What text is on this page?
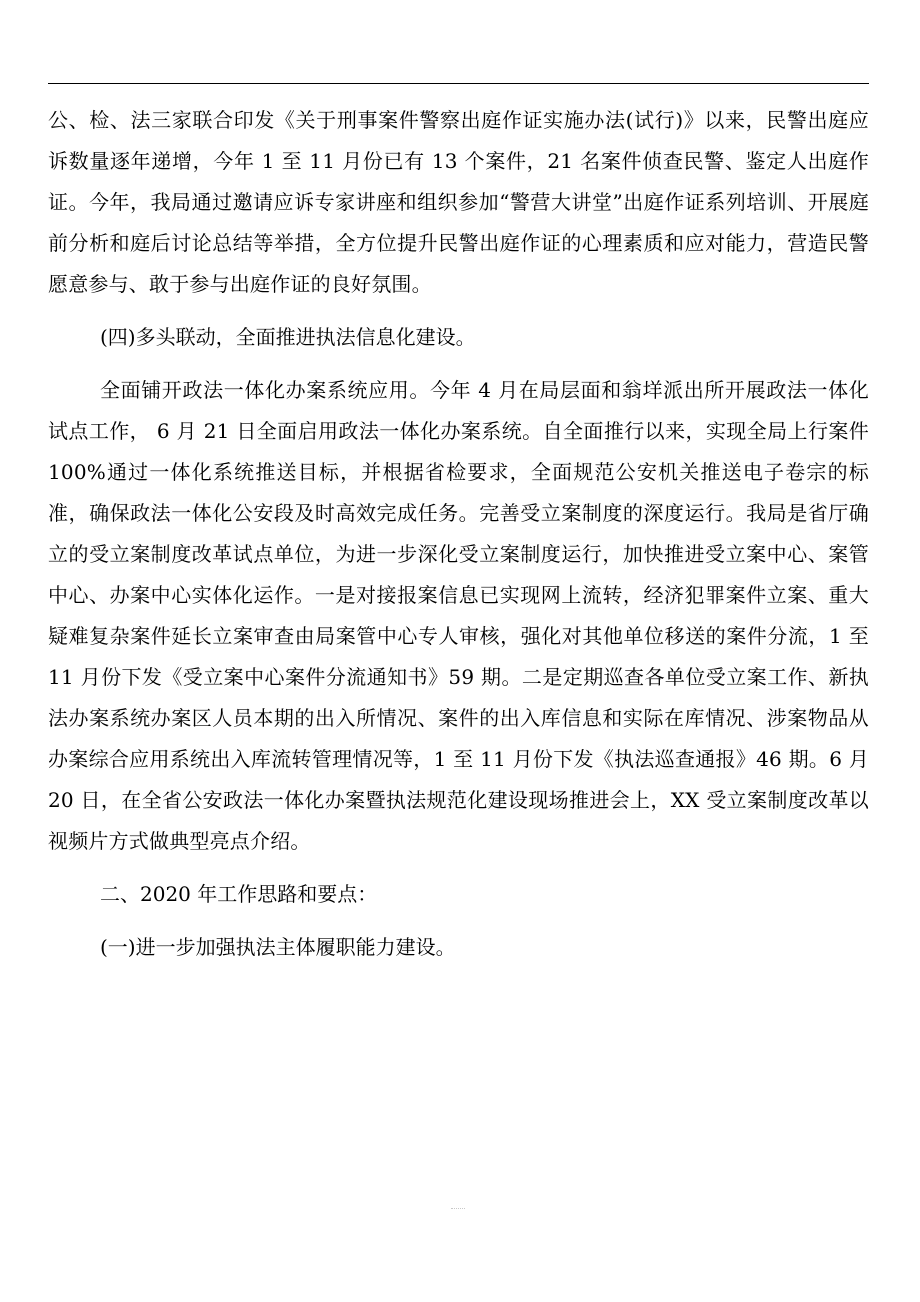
公、检、法三家联合印发《关于刑事案件警察出庭作证实施办法(试行)》以来，民警出庭应诉数量逐年递增，今年 1 至 11 月份已有 13 个案件，21 名案件侦查民警、鉴定人出庭作证。今年，我局通过邀请应诉专家讲座和组织参加“警营大讲堂”出庭作证系列培训、开展庭前分析和庭后讨论总结等举措，全方位提升民警出庭作证的心理素质和应对能力，营造民警愿意参与、敢于参与出庭作证的良好氛围。

(四)多头联动，全面推进执法信息化建设。

全面铺开政法一体化办案系统应用。今年 4 月在局层面和翁垟派出所开展政法一体化试点工作， 6 月 21 日全面启用政法一体化办案系统。自全面推行以来，实现全局上行案件 100%通过一体化系统推送目标，并根据省检要求，全面规范公安机关推送电子卷宗的标准，确保政法一体化公安段及时高效完成任务。完善受立案制度的深度运行。我局是省厅确立的受立案制度改革试点单位，为进一步深化受立案制度运行，加快推进受立案中心、案管中心、办案中心实体化运作。一是对接报案信息已实现网上流转，经济犯罪案件立案、重大疑难复杂案件延长立案审查由局案管中心专人审核，强化对其他单位移送的案件分流，1 至 11 月份下发《受立案中心案件分流通知书》59 期。二是定期巡查各单位受立案工作、新执法办案系统办案区人员本期的出入所情况、案件的出入库信息和实际在库情况、涉案物品从办案综合应用系统出入库流转管理情况等，1 至 11 月份下发《执法巡查通报》46 期。6 月 20 日，在全省公安政法一体化办案暨执法规范化建设现场推进会上，XX 受立案制度改革以视频片方式做典型亮点介绍。

二、2020 年工作思路和要点：

(一)进一步加强执法主体履职能力建设。
